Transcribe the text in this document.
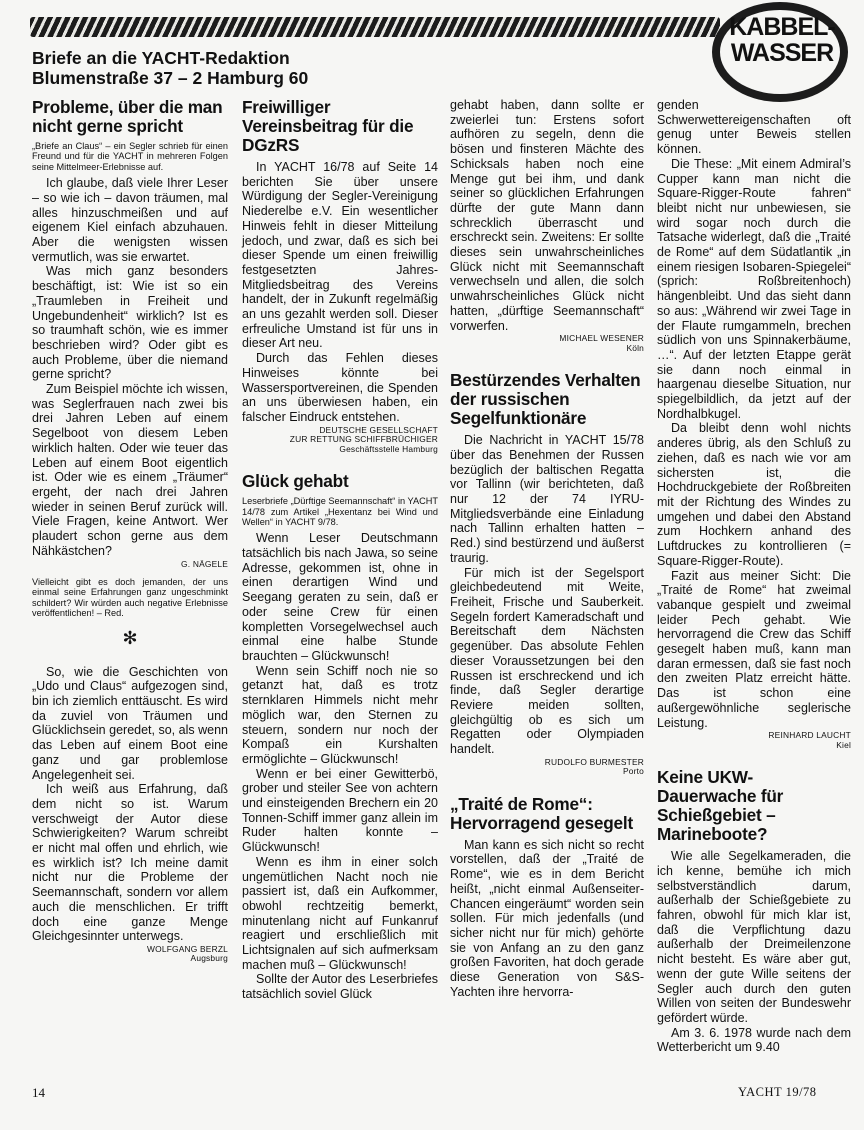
KABBEL-
WASSER
Briefe an die YACHT-Redaktion
Blumenstraße 37 – 2 Hamburg 60
Probleme, über die man nicht gerne spricht
„Briefe an Claus“ – ein Segler schrieb für einen Freund und für die YACHT in mehreren Folgen seine Mittelmeer-Erlebnisse auf.

Ich glaube, daß viele Ihrer Leser – so wie ich – davon träumen, mal alles hinzuschmeißen und auf eigenem Kiel einfach abzuhauen. Aber die wenigsten wissen vermutlich, was sie erwartet.

Was mich ganz besonders beschäftigt, ist: Wie ist so ein „Traumleben in Freiheit und Ungebundenheit“ wirklich? Ist es so traumhaft schön, wie es immer beschrieben wird? Oder gibt es auch Probleme, über die niemand gerne spricht?

Zum Beispiel möchte ich wissen, was Seglerfrauen nach zwei bis drei Jahren Leben auf einem Segelboot von diesem Leben wirklich halten. Oder wie teuer das Leben auf einem Boot eigentlich ist. Oder wie es einem „Träumer“ ergeht, der nach drei Jahren wieder in seinen Beruf zurück will. Viele Fragen, keine Antwort. Wer plaudert schon gerne aus dem Nähkästchen?

G. NÄGELE
Vielleicht gibt es doch jemanden, der uns einmal seine Erfahrungen ganz ungeschminkt schildert? Wir würden auch negative Erlebnisse veröffentlichen! – Red.
✻

So, wie die Geschichten von „Udo und Claus“ aufgezogen sind, bin ich ziemlich enttäuscht. Es wird da zuviel von Träumen und Glücklichsein geredet, so, als wenn das Leben auf einem Boot eine ganz und gar problemlose Angelegenheit sei.

Ich weiß aus Erfahrung, daß dem nicht so ist. Warum verschweigt der Autor diese Schwierigkeiten? Warum schreibt er nicht mal offen und ehrlich, wie es wirklich ist? Ich meine damit nicht nur die Probleme der Seemannschaft, sondern vor allem auch die menschlichen. Er trifft doch eine ganze Menge Gleichgesinnter unterwegs.

WOLFGANG BERZL
Augsburg
Freiwilliger Vereinsbeitrag für die DGzRS

In YACHT 16/78 auf Seite 14 berichten Sie über unsere Würdigung der Segler-Vereinigung Niederelbe e.V. Ein wesentlicher Hinweis fehlt in dieser Mitteilung jedoch, und zwar, daß es sich bei dieser Spende um einen freiwillig festgesetzten Jahres-Mitgliedsbeitrag des Vereins handelt, der in Zukunft regelmäßig an uns gezahlt werden soll. Dieser erfreuliche Umstand ist für uns in dieser Art neu.

Durch das Fehlen dieses Hinweises könnte bei Wassersportvereinen, die Spenden an uns überwiesen haben, ein falscher Eindruck entstehen.

DEUTSCHE GESELLSCHAFT
ZUR RETTUNG SCHIFFBRÜCHIGER
Geschäftsstelle Hamburg
Glück gehabt
Leserbriefe „Dürftige Seemannschaft“ in YACHT 14/78 zum Artikel „Hexentanz bei Wind und Wellen“ in YACHT 9/78.

Wenn Leser Deutschmann tatsächlich bis nach Jawa, so seine Adresse, gekommen ist, ohne in einen derartigen Wind und Seegang geraten zu sein, daß er oder seine Crew für einen kompletten Vorsegelwechsel auch einmal eine halbe Stunde brauchten – Glückwunsch!

Wenn sein Schiff noch nie so getanzt hat, daß es trotz sternklaren Himmels nicht mehr möglich war, den Sternen zu steuern, sondern nur noch der Kompaß ein Kurshalten ermöglichte – Glückwunsch!

Wenn er bei einer Gewitterbö, grober und steiler See von achtern und einsteigenden Brechern ein 20 Tonnen-Schiff immer ganz allein im Ruder halten konnte – Glückwunsch!

Wenn es ihm in einer solch ungemütlichen Nacht noch nie passiert ist, daß ein Aufkommer, obwohl rechtzeitig bemerkt, minutenlang nicht auf Funkanruf reagiert und erschließlich mit Lichtsignalen auf sich aufmerksam machen muß – Glückwunsch!

Sollte der Autor des Leserbriefes tatsächlich soviel Glück

gehabt haben, dann sollte er zweierlei tun: Erstens sofort aufhören zu segeln, denn die bösen und finsteren Mächte des Schicksals haben noch eine Menge gut bei ihm, und dank seiner so glücklichen Erfahrungen dürfte der gute Mann dann schrecklich überrascht und erschreckt sein. Zweitens: Er sollte dieses sein unwahrscheinliches Glück nicht mit Seemannschaft verwechseln und allen, die solch unwahrscheinliches Glück nicht hatten, „dürftige Seemannschaft“ vorwerfen.

MICHAEL WESENER
Köln
Bestürzendes Verhalten der russischen Segelfunktionäre

Die Nachricht in YACHT 15/78 über das Benehmen der Russen bezüglich der baltischen Regatta vor Tallinn (wir berichteten, daß nur 12 der 74 IYRU-Mitgliedsverbände eine Einladung nach Tallinn erhalten hatten – Red.) sind bestürzend und äußerst traurig.

Für mich ist der Segelsport gleichbedeutend mit Weite, Freiheit, Frische und Sauberkeit. Segeln fordert Kameradschaft und Bereitschaft dem Nächsten gegenüber. Das absolute Fehlen dieser Voraussetzungen bei den Russen ist erschreckend und ich finde, daß Segler derartige Reviere meiden sollten, gleichgültig ob es sich um Regatten oder Olympiaden handelt.

RUDOLFO BURMESTER
Porto
„Traité de Rome“: Hervorragend gesegelt

Man kann es sich nicht so recht vorstellen, daß der „Traité de Rome“, wie es in dem Bericht heißt, „nicht einmal Außenseiter-Chancen eingeräumt“ worden sein sollen. Für mich jedenfalls (und sicher nicht nur für mich) gehörte sie von Anfang an zu den ganz großen Favoriten, hat doch gerade diese Generation von S&S-Yachten ihre hervorra-

genden Schwerwettereigenschaften oft genug unter Beweis stellen können.

Die These: „Mit einem Admiral’s Cupper kann man nicht die Square-Rigger-Route fahren“ bleibt nicht nur unbewiesen, sie wird sogar noch durch die Tatsache widerlegt, daß die „Traité de Rome“ auf dem Südatlantik „in einem riesigen Isobaren-Spiegelei“ (sprich: Roßbreitenhoch) hängenbleibt. Und das sieht dann so aus: „Während wir zwei Tage in der Flaute rumgammeln, brechen südlich von uns Spinnakerbäume, …“. Auf der letzten Etappe gerät sie dann noch einmal in haargenau dieselbe Situation, nur spiegelbildlich, da jetzt auf der Nordhalbkugel.

Da bleibt denn wohl nichts anderes übrig, als den Schluß zu ziehen, daß es nach wie vor am sichersten ist, die Hochdruckgebiete der Roßbreiten mit der Richtung des Windes zu umgehen und dabei den Abstand zum Hochkern anhand des Luftdruckes zu kontrollieren (= Square-Rigger-Route).

Fazit aus meiner Sicht: Die „Traité de Rome“ hat zweimal vabanque gespielt und zweimal leider Pech gehabt. Wie hervorragend die Crew das Schiff gesegelt haben muß, kann man daran ermessen, daß sie fast noch den zweiten Platz erreicht hätte. Das ist schon eine außergewöhnliche seglerische Leistung.

REINHARD LAUCHT
Kiel
Keine UKW-Dauerwache für Schießgebiet – Marineboote?

Wie alle Segelkameraden, die ich kenne, bemühe ich mich selbstverständlich darum, außerhalb der Schießgebiete zu fahren, obwohl für mich klar ist, daß die Verpflichtung dazu außerhalb der Dreimeilenzone nicht besteht. Es wäre aber gut, wenn der gute Wille seitens der Segler auch durch den guten Willen von seiten der Bundeswehr gefördert würde.

Am 3. 6. 1978 wurde nach dem Wetterbericht um 9.40

14	YACHT 19/78
